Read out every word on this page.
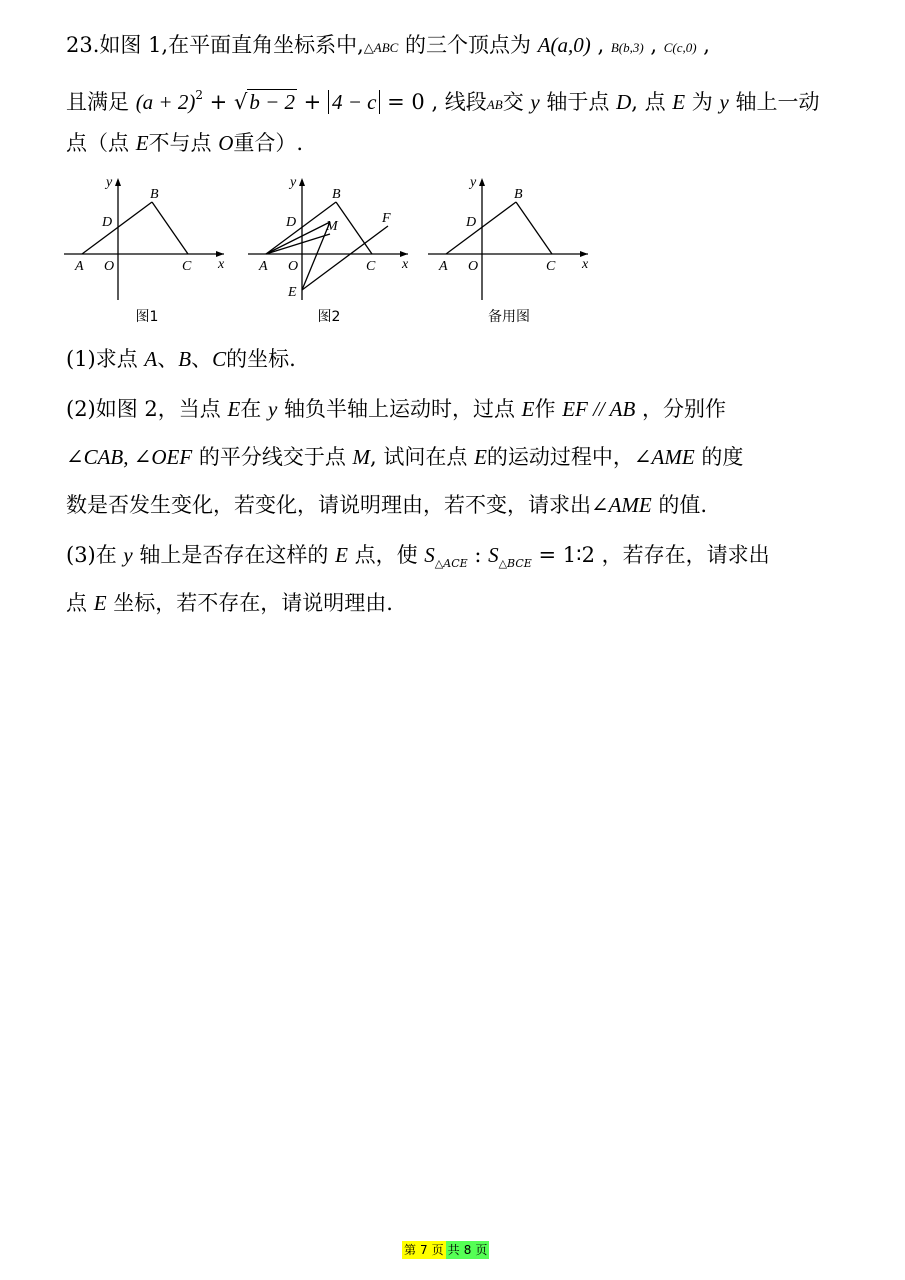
23.如图 1,在平面直角坐标系中,△ABC 的三个顶点为 A(a,0) , B(b,3) , C(c,0) ,
且满足 $(a + 2)^2 + √b - 2 + 4 - c = 0$ , 线段AB交 y 轴于点 D, 点 E 为 y 轴上一动
点（点 E不与点 O重合）.
y
x
B
D
A O	C
图1
y
x
B
D M
F
A O	C
E
图2
y
x
B
D
A O	C
备用图
(1)求点 A、B、C的坐标.
(2)如图 2，当点 E在 y 轴负半轴上运动时，过点 E作 EF // AB ，分别作
∠CAB, ∠OEF 的平分线交于点 M, 试问在点 E的运动过程中，∠AME 的度
数是否发生变化，若变化，请说明理由，若不变，请求出∠AME 的值.
(3)在 y 轴上是否存在这样的 E 点，使 $S_{\triangle ACE}$ : $S_{\triangle BCE}$ = 1∶2 ，若存在，请求出
点 E 坐标，若不存在，请说明理由.
第 7 页 共 8 页
